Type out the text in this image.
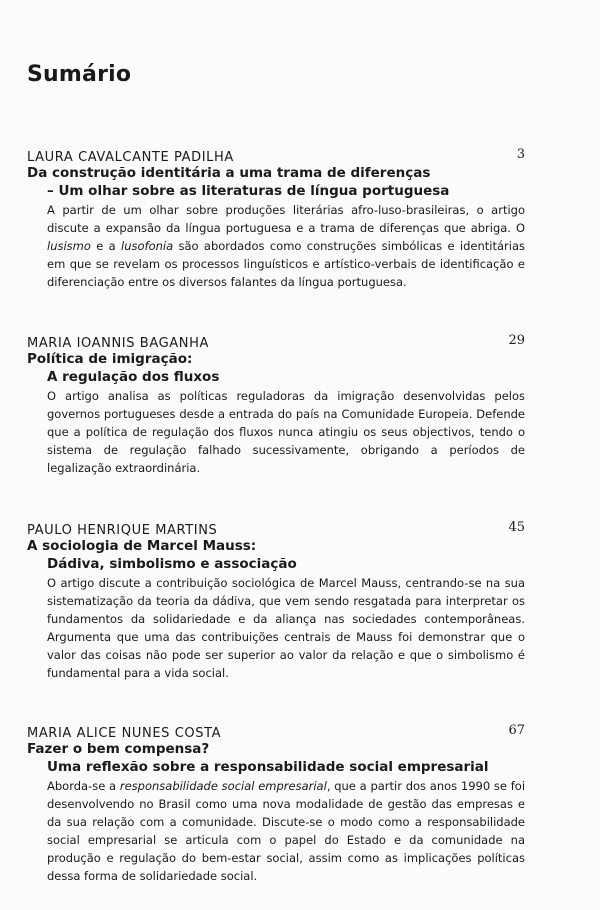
Sumário
LAURA CAVALCANTE PADILHA	3
Da construção identitária a uma trama de diferenças
– Um olhar sobre as literaturas de língua portuguesa
A partir de um olhar sobre produções literárias afro-luso-brasileiras, o artigo discute a expansão da língua portuguesa e a trama de diferenças que abriga. O lusismo e a lusofonia são abordados como construções simbólicas e identitárias em que se revelam os processos linguísticos e artístico-verbais de identificação e diferenciação entre os diversos falantes da língua portuguesa.
MARIA IOANNIS BAGANHA	29
Política de imigração:
A regulação dos fluxos
O artigo analisa as políticas reguladoras da imigração desenvolvidas pelos governos portugueses desde a entrada do país na Comunidade Europeia. Defende que a política de regulação dos fluxos nunca atingiu os seus objectivos, tendo o sistema de regulação falhado sucessivamente, obrigando a períodos de legalização extraordinária.
PAULO HENRIQUE MARTINS	45
A sociologia de Marcel Mauss:
Dádiva, simbolismo e associação
O artigo discute a contribuição sociológica de Marcel Mauss, centrando-se na sua sistematização da teoria da dádiva, que vem sendo resgatada para interpretar os fundamentos da solidariedade e da aliança nas sociedades contemporâneas. Argumenta que uma das contribuições centrais de Mauss foi demonstrar que o valor das coisas não pode ser superior ao valor da relação e que o simbolismo é fundamental para a vida social.
MARIA ALICE NUNES COSTA	67
Fazer o bem compensa?
Uma reflexão sobre a responsabilidade social empresarial
Aborda-se a responsabilidade social empresarial, que a partir dos anos 1990 se foi desenvolvendo no Brasil como uma nova modalidade de gestão das empresas e da sua relação com a comunidade. Discute-se o modo como a responsabilidade social empresarial se articula com o papel do Estado e da comunidade na produção e regulação do bem-estar social, assim como as implicações políticas dessa forma de solidariedade social.
